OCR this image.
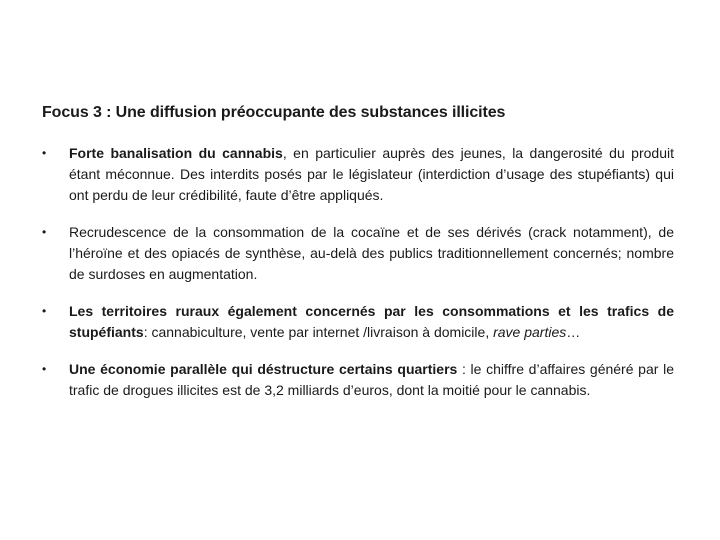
Focus 3 : Une diffusion préoccupante des substances illicites
•	Forte banalisation du cannabis, en particulier auprès des jeunes, la dangerosité du produit étant méconnue. Des interdits posés par le législateur (interdiction d’usage des stupéfiants) qui ont perdu de leur crédibilité, faute d’être appliqués.
•	Recrudescence de la consommation de la cocaïne et de ses dérivés (crack notamment), de l’héroïne et des opiacés de synthèse, au-delà des publics traditionnellement concernés; nombre de surdoses en augmentation.
•	Les territoires ruraux également concernés par les consommations et les trafics de stupéfiants: cannabiculture, vente par internet /livraison à domicile, rave parties…
•	Une économie parallèle qui déstructure certains quartiers : le chiffre d’affaires généré par le trafic de drogues illicites est de 3,2 milliards d’euros, dont la moitié pour le cannabis.
